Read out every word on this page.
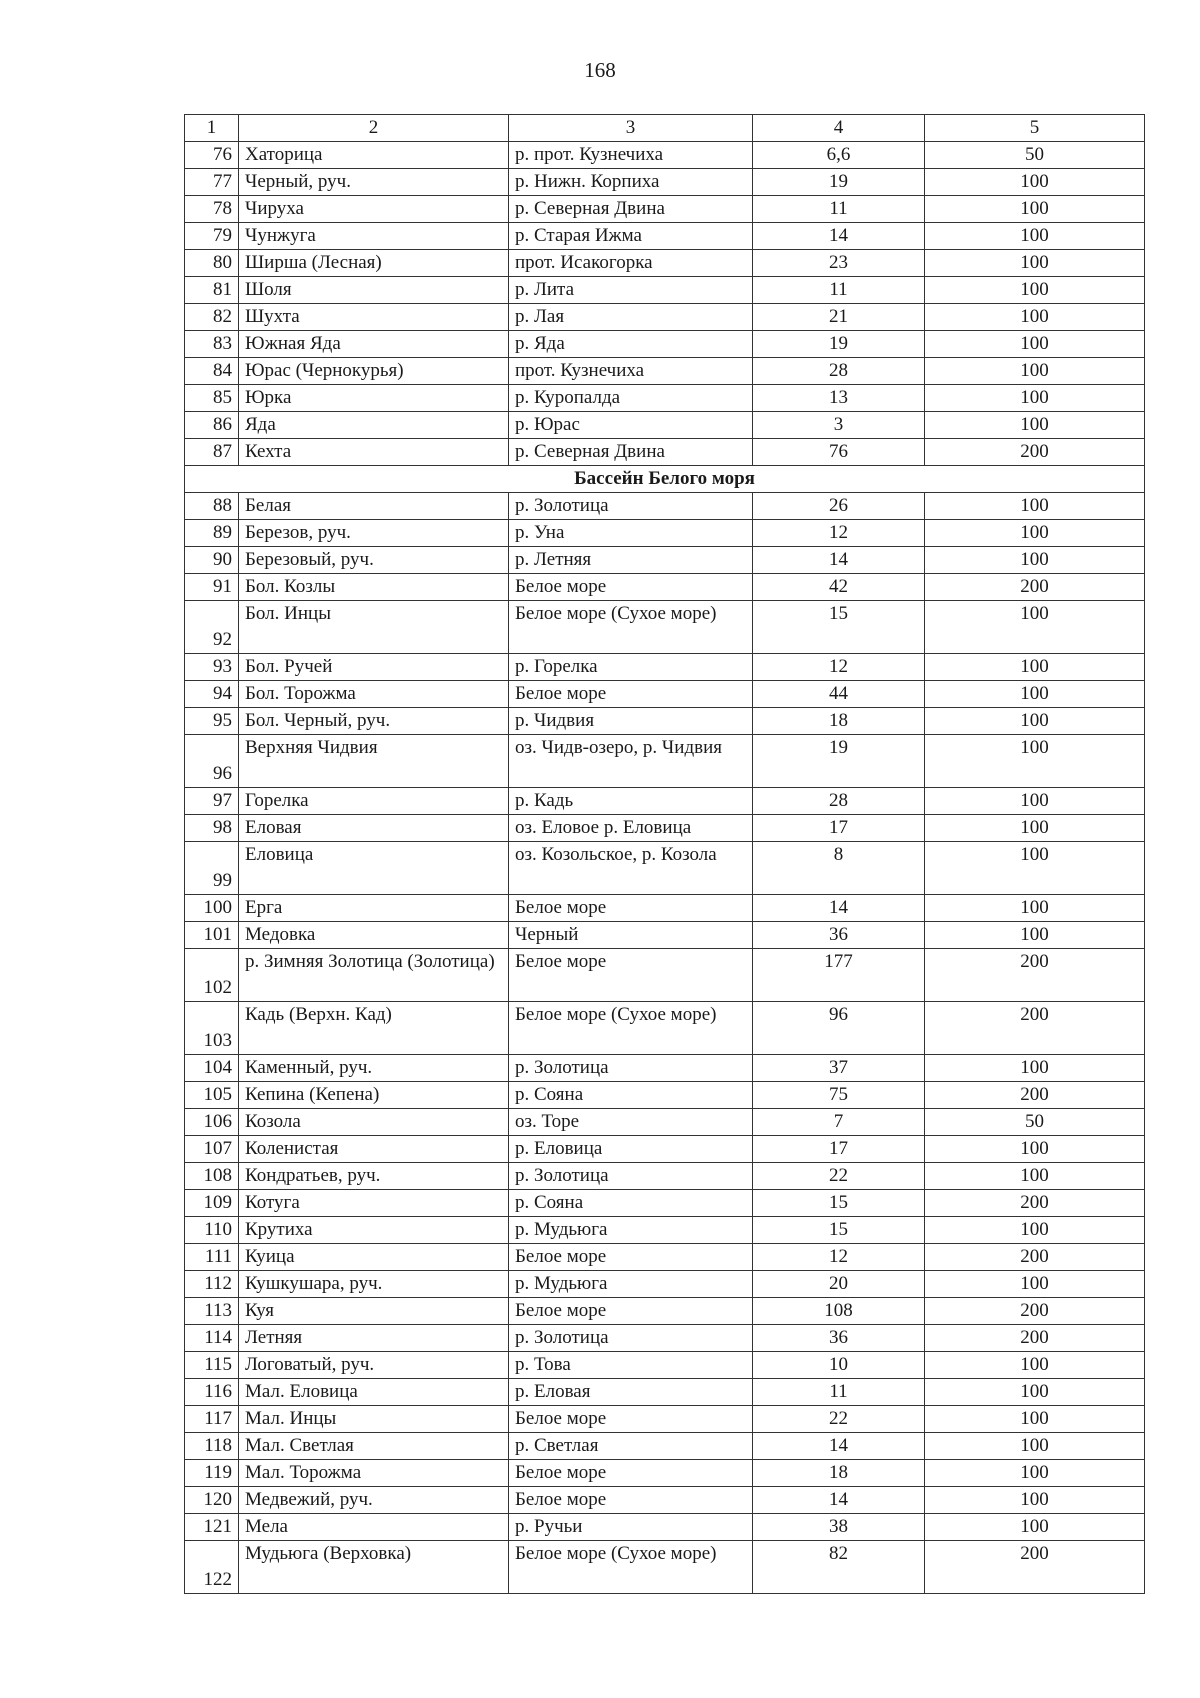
168
1	2	3	4	5
76	Хаторица	р. прот. Кузнечиха	6,6	50
77	Черный, руч.	р. Нижн. Корпиха	19	100
78	Чируха	р. Северная Двина	11	100
79	Чунжуга	р. Старая Ижма	14	100
80	Ширша (Лесная)	прот. Исакогорка	23	100
81	Шоля	р. Лита	11	100
82	Шухта	р. Лая	21	100
83	Южная Яда	р. Яда	19	100
84	Юрас (Чернокурья)	прот. Кузнечиха	28	100
85	Юрка	р. Куропалда	13	100
86	Яда	р. Юрас	3	100
87	Кехта	р. Северная Двина	76	200
Бассейн Белого моря				
88	Белая	р. Золотица	26	100
89	Березов, руч.	р. Уна	12	100
90	Березовый, руч.	р. Летняя	14	100
91	Бол. Козлы	Белое море	42	200
92	Бол. Инцы	Белое море (Сухое море)	15	100
93	Бол. Ручей	р. Горелка	12	100
94	Бол. Торожма	Белое море	44	100
95	Бол. Черный, руч.	р. Чидвия	18	100
96	Верхняя Чидвия	оз. Чидв-озеро, р. Чидвия	19	100
97	Горелка	р. Кадь	28	100
98	Еловая	оз. Еловое р. Еловица	17	100
99	Еловица	оз. Козольское, р. Козола	8	100
100	Ерга	Белое море	14	100
101	Медовка	Черный	36	100
102	р. Зимняя Золотица (Золотица)	Белое море	177	200
103	Кадь (Верхн. Кад)	Белое море (Сухое море)	96	200
104	Каменный, руч.	р. Золотица	37	100
105	Кепина (Кепена)	р. Сояна	75	200
106	Козола	оз. Торе	7	50
107	Коленистая	р. Еловица	17	100
108	Кондратьев, руч.	р. Золотица	22	100
109	Котуга	р. Сояна	15	200
110	Крутиха	р. Мудьюга	15	100
111	Куица	Белое море	12	200
112	Кушкушара, руч.	р. Мудьюга	20	100
113	Куя	Белое море	108	200
114	Летняя	р. Золотица	36	200
115	Логоватый, руч.	р. Това	10	100
116	Мал. Еловица	р. Еловая	11	100
117	Мал. Инцы	Белое море	22	100
118	Мал. Светлая	р. Светлая	14	100
119	Мал. Торожма	Белое море	18	100
120	Медвежий, руч.	Белое море	14	100
121	Мела	р. Ручьи	38	100
122	Мудьюга (Верховка)	Белое море (Сухое море)	82	200
